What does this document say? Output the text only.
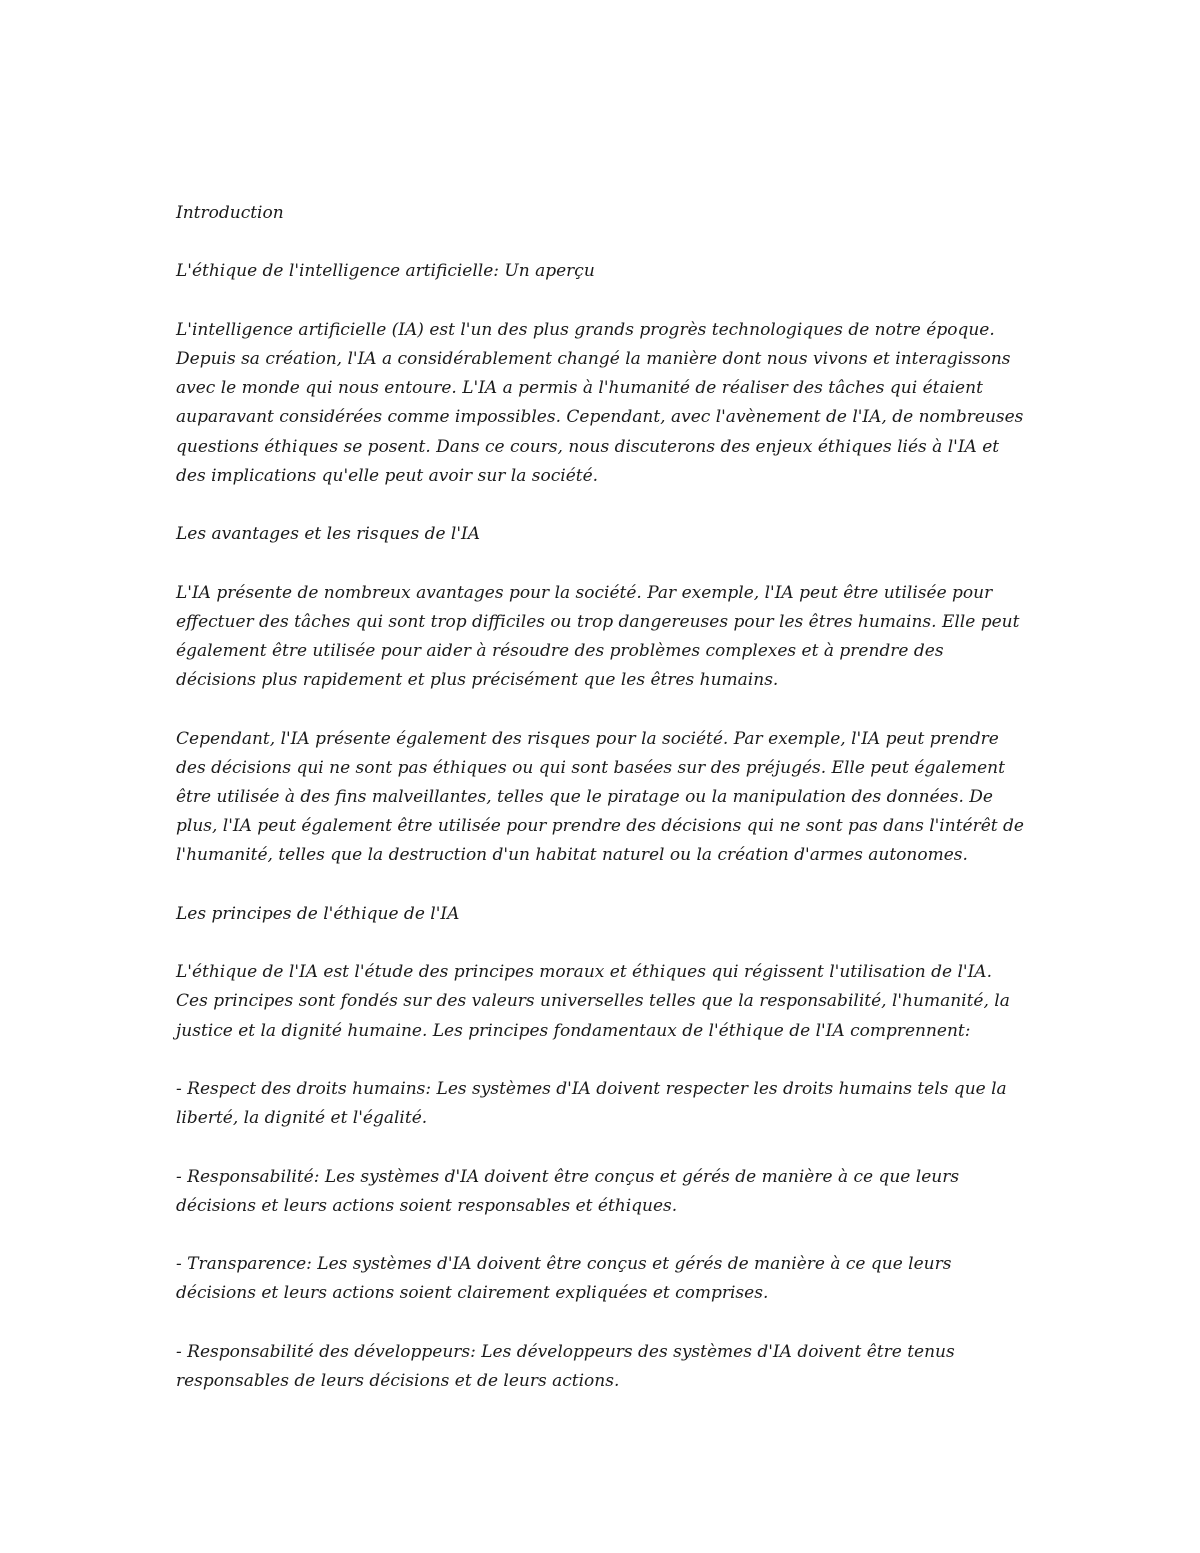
Introduction

L'éthique de l'intelligence artificielle: Un aperçu

L'intelligence artificielle (IA) est l'un des plus grands progrès technologiques de notre époque. Depuis sa création, l'IA a considérablement changé la manière dont nous vivons et interagissons avec le monde qui nous entoure. L'IA a permis à l'humanité de réaliser des tâches qui étaient auparavant considérées comme impossibles. Cependant, avec l'avènement de l'IA, de nombreuses questions éthiques se posent. Dans ce cours, nous discuterons des enjeux éthiques liés à l'IA et des implications qu'elle peut avoir sur la société.

Les avantages et les risques de l'IA

L'IA présente de nombreux avantages pour la société. Par exemple, l'IA peut être utilisée pour effectuer des tâches qui sont trop difficiles ou trop dangereuses pour les êtres humains. Elle peut également être utilisée pour aider à résoudre des problèmes complexes et à prendre des décisions plus rapidement et plus précisément que les êtres humains.

Cependant, l'IA présente également des risques pour la société. Par exemple, l'IA peut prendre des décisions qui ne sont pas éthiques ou qui sont basées sur des préjugés. Elle peut également être utilisée à des fins malveillantes, telles que le piratage ou la manipulation des données. De plus, l'IA peut également être utilisée pour prendre des décisions qui ne sont pas dans l'intérêt de l'humanité, telles que la destruction d'un habitat naturel ou la création d'armes autonomes.

Les principes de l'éthique de l'IA

L'éthique de l'IA est l'étude des principes moraux et éthiques qui régissent l'utilisation de l'IA. Ces principes sont fondés sur des valeurs universelles telles que la responsabilité, l'humanité, la justice et la dignité humaine. Les principes fondamentaux de l'éthique de l'IA comprennent:

- Respect des droits humains: Les systèmes d'IA doivent respecter les droits humains tels que la liberté, la dignité et l'égalité.

- Responsabilité: Les systèmes d'IA doivent être conçus et gérés de manière à ce que leurs décisions et leurs actions soient responsables et éthiques.

- Transparence: Les systèmes d'IA doivent être conçus et gérés de manière à ce que leurs décisions et leurs actions soient clairement expliquées et comprises.

- Responsabilité des développeurs: Les développeurs des systèmes d'IA doivent être tenus responsables de leurs décisions et de leurs actions.
